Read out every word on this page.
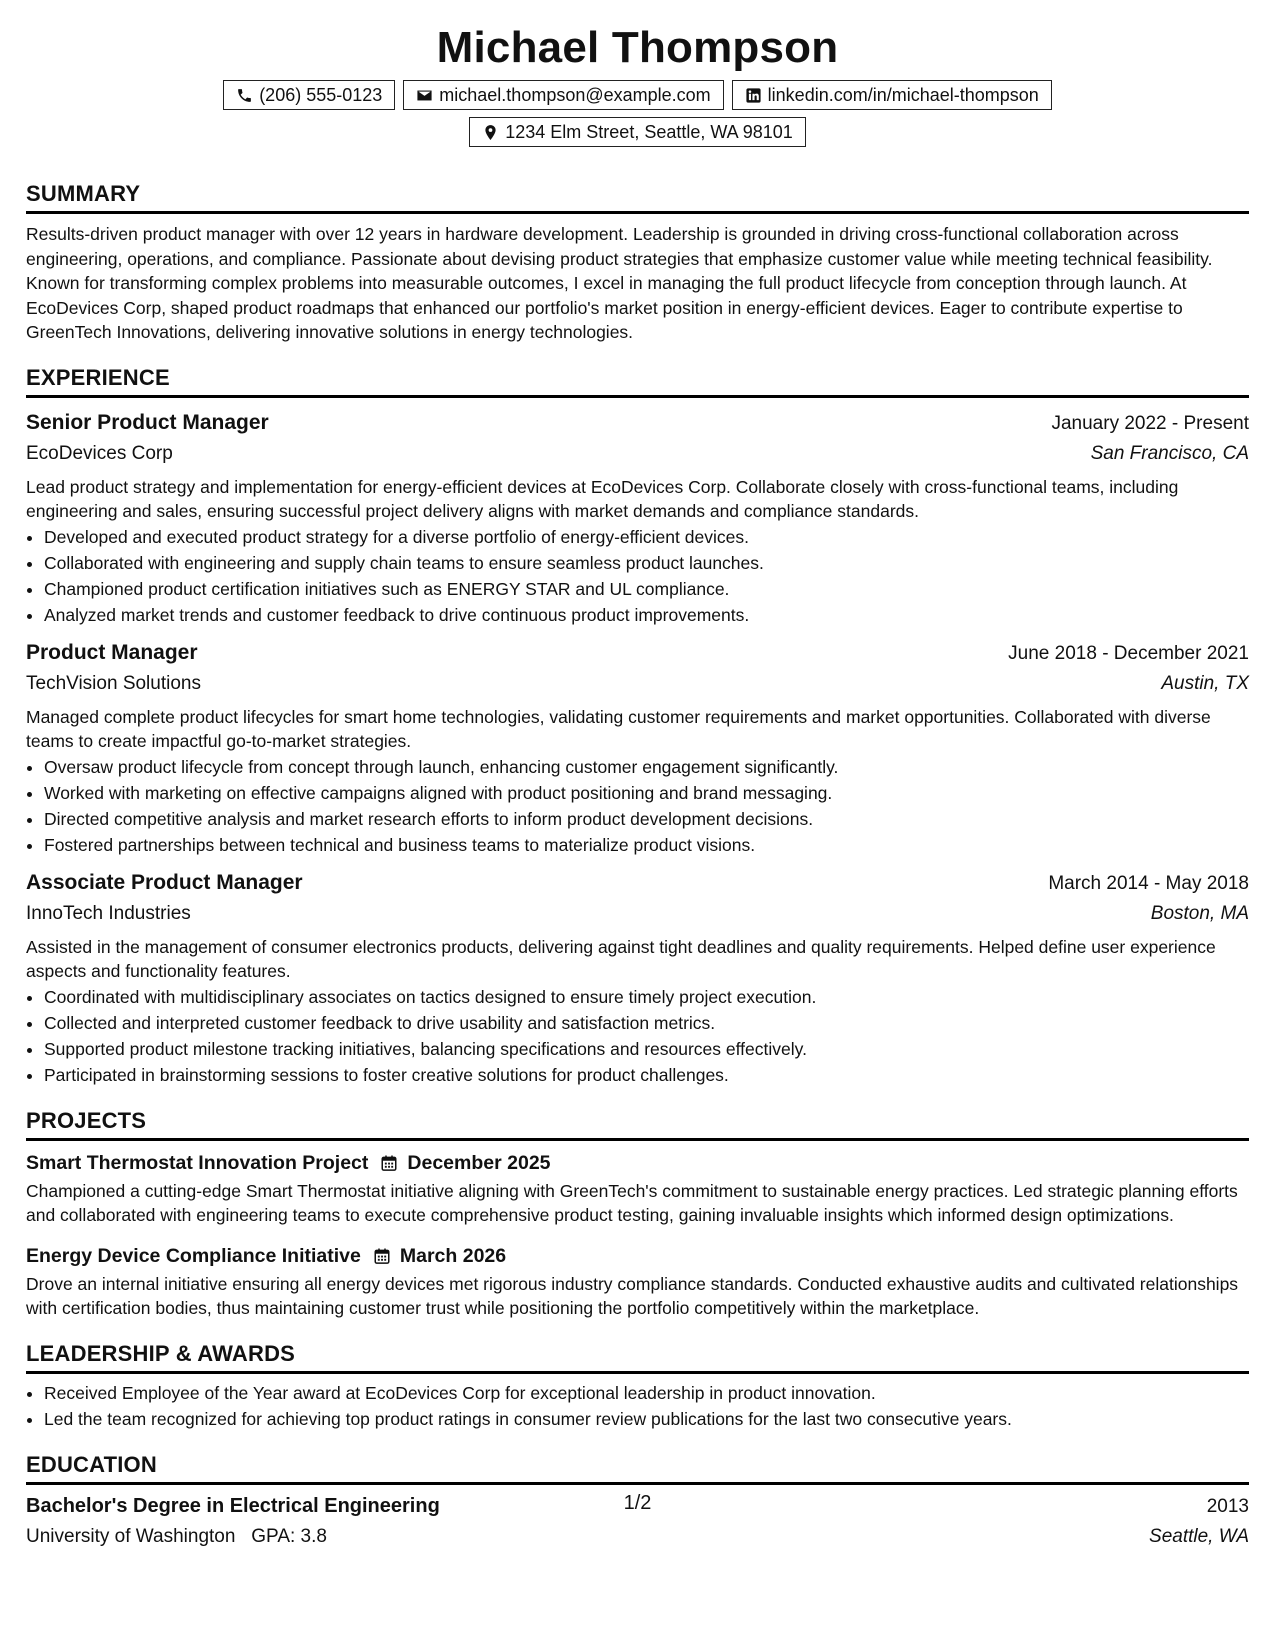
Michael Thompson
(206) 555-0123	michael.thompson@example.com	linkedin.com/in/michael-thompson
1234 Elm Street, Seattle, WA 98101
SUMMARY

Results-driven product manager with over 12 years in hardware development. Leadership is grounded in driving cross-functional collaboration across engineering, operations, and compliance. Passionate about devising product strategies that emphasize customer value while meeting technical feasibility. Known for transforming complex problems into measurable outcomes, I excel in managing the full product lifecycle from conception through launch. At EcoDevices Corp, shaped product roadmaps that enhanced our portfolio's market position in energy-efficient devices. Eager to contribute expertise to GreenTech Innovations, delivering innovative solutions in energy technologies.

EXPERIENCE
Senior Product Manager	January 2022 - Present
EcoDevices Corp	San Francisco, CA

Lead product strategy and implementation for energy-efficient devices at EcoDevices Corp. Collaborate closely with cross-functional teams, including engineering and sales, ensuring successful project delivery aligns with market demands and compliance standards.

• Developed and executed product strategy for a diverse portfolio of energy-efficient devices.
• Collaborated with engineering and supply chain teams to ensure seamless product launches.
• Championed product certification initiatives such as ENERGY STAR and UL compliance.
• Analyzed market trends and customer feedback to drive continuous product improvements.
Product Manager	June 2018 - December 2021
TechVision Solutions	Austin, TX

Managed complete product lifecycles for smart home technologies, validating customer requirements and market opportunities. Collaborated with diverse teams to create impactful go-to-market strategies.

• Oversaw product lifecycle from concept through launch, enhancing customer engagement significantly.
• Worked with marketing on effective campaigns aligned with product positioning and brand messaging.
• Directed competitive analysis and market research efforts to inform product development decisions.
• Fostered partnerships between technical and business teams to materialize product visions.
Associate Product Manager	March 2014 - May 2018
InnoTech Industries	Boston, MA

Assisted in the management of consumer electronics products, delivering against tight deadlines and quality requirements. Helped define user experience aspects and functionality features.

• Coordinated with multidisciplinary associates on tactics designed to ensure timely project execution.
• Collected and interpreted customer feedback to drive usability and satisfaction metrics.
• Supported product milestone tracking initiatives, balancing specifications and resources effectively.
• Participated in brainstorming sessions to foster creative solutions for product challenges.
PROJECTS
Smart Thermostat Innovation Project December 2025

Championed a cutting-edge Smart Thermostat initiative aligning with GreenTech's commitment to sustainable energy practices. Led strategic planning efforts and collaborated with engineering teams to execute comprehensive product testing, gaining invaluable insights which informed design optimizations.

Energy Device Compliance Initiative March 2026

Drove an internal initiative ensuring all energy devices met rigorous industry compliance standards. Conducted exhaustive audits and cultivated relationships with certification bodies, thus maintaining customer trust while positioning the portfolio competitively within the marketplace.

LEADERSHIP & AWARDS
• Received Employee of the Year award at EcoDevices Corp for exceptional leadership in product innovation.
• Led the team recognized for achieving top product ratings in consumer review publications for the last two consecutive years.
EDUCATION
Bachelor's Degree in Electrical Engineering	2013
University of Washington GPA: 3.8	Seattle, WA
1/2
